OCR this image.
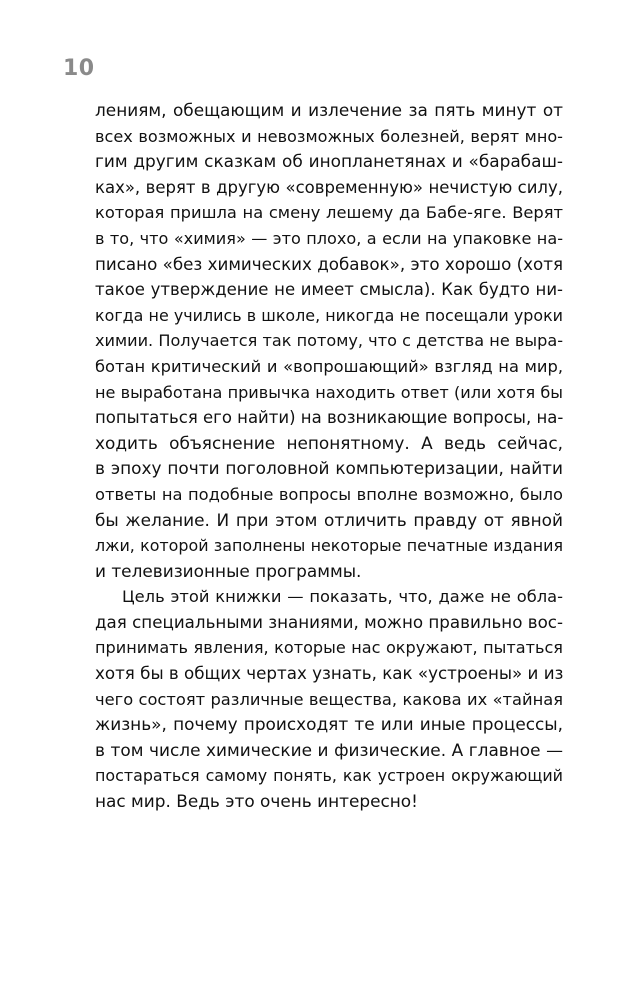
10
лениям, обещающим и излечение за пять минут от
всех возможных и невозможных болезней, верят мно-
гим другим сказкам об инопланетянах и «барабаш-
ках», верят в другую «современную» нечистую силу,
которая пришла на смену лешему да Бабе-яге. Верят
в то, что «химия» — это плохо, а если на упаковке на-
писано «без химических добавок», это хорошо (хотя
такое утверждение не имеет смысла). Как будто ни-
когда не учились в школе, никогда не посещали уроки
химии. Получается так потому, что с детства не выра-
ботан критический и «вопрошающий» взгляд на мир,
не выработана привычка находить ответ (или хотя бы
попытаться его найти) на возникающие вопросы, на-
ходить объяснение непонятному. А ведь сейчас,
в эпоху почти поголовной компьютеризации, найти
ответы на подобные вопросы вполне возможно, было
бы желание. И при этом отличить правду от явной
лжи, которой заполнены некоторые печатные издания
и телевизионные программы.
Цель этой книжки — показать, что, даже не обла-
дая специальными знаниями, можно правильно вос-
принимать явления, которые нас окружают, пытаться
хотя бы в общих чертах узнать, как «устроены» и из
чего состоят различные вещества, какова их «тайная
жизнь», почему происходят те или иные процессы,
в том числе химические и физические. А главное —
постараться самому понять, как устроен окружающий
нас мир. Ведь это очень интересно!
